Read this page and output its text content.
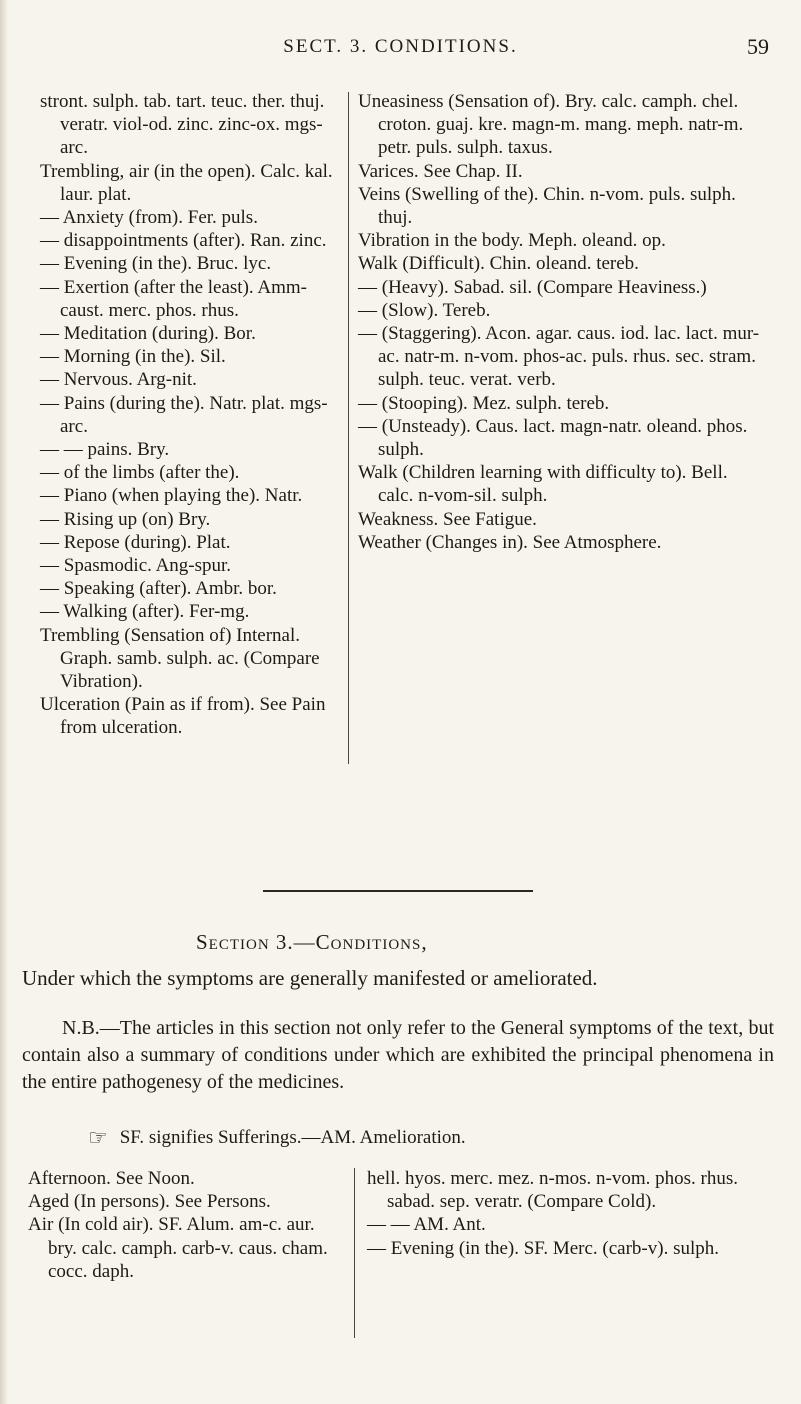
SECT. 3. CONDITIONS.	59

stront. sulph. tab. tart. teuc. ther. thuj. veratr. viol-od. zinc. zinc-ox. mgs-arc.

Trembling, air (in the open). Calc. kal. laur. plat.

— Anxiety (from). Fer. puls.

— disappointments (after). Ran. zinc.

— Evening (in the). Bruc. lyc.

— Exertion (after the least). Amm-caust. merc. phos. rhus.

— Meditation (during). Bor.

— Morning (in the). Sil.

— Nervous. Arg-nit.

— Pains (during the). Natr. plat. mgs-arc.

— — pains. Bry.

— of the limbs (after the).

— Piano (when playing the). Natr.

— Rising up (on) Bry.

— Repose (during). Plat.

— Spasmodic. Ang-spur.

— Speaking (after). Ambr. bor.

— Walking (after). Fer-mg.

Trembling (Sensation of) Internal. Graph. samb. sulph. ac. (Compare Vibration).

Ulceration (Pain as if from). See Pain from ulceration.

Uneasiness (Sensation of). Bry. calc. camph. chel. croton. guaj. kre. magn-m. mang. meph. natr-m. petr. puls. sulph. taxus.

Varices. See Chap. II.

Veins (Swelling of the). Chin. n-vom. puls. sulph. thuj.

Vibration in the body. Meph. oleand. op.

Walk (Difficult). Chin. oleand. tereb.

— (Heavy). Sabad. sil. (Compare Heaviness.)

— (Slow). Tereb.

— (Staggering). Acon. agar. caus. iod. lac. lact. mur-ac. natr-m. n-vom. phos-ac. puls. rhus. sec. stram. sulph. teuc. verat. verb.

— (Stooping). Mez. sulph. tereb.

— (Unsteady). Caus. lact. magn-natr. oleand. phos. sulph.

Walk (Children learning with difficulty to). Bell. calc. n-vom-sil. sulph.

Weakness. See Fatigue.

Weather (Changes in). See Atmosphere.

Section 3.—Conditions,
Under which the symptoms are generally manifested or ameliorated.
N.B.—The articles in this section not only refer to the General symptoms of the text, but contain also a summary of conditions under which are exhibited the principal phenomena in the entire pathogenesy of the medicines.
☞ SF. signifies Sufferings.—AM. Amelioration.

Afternoon. See Noon.

Aged (In persons). See Persons.

Air (In cold air). SF. Alum. am-c. aur. bry. calc. camph. carb-v. caus. cham. cocc. daph.

hell. hyos. merc. mez. n-mos. n-vom. phos. rhus. sabad. sep. veratr. (Compare Cold).

— — AM. Ant.

— Evening (in the). SF. Merc. (carb-v). sulph.
